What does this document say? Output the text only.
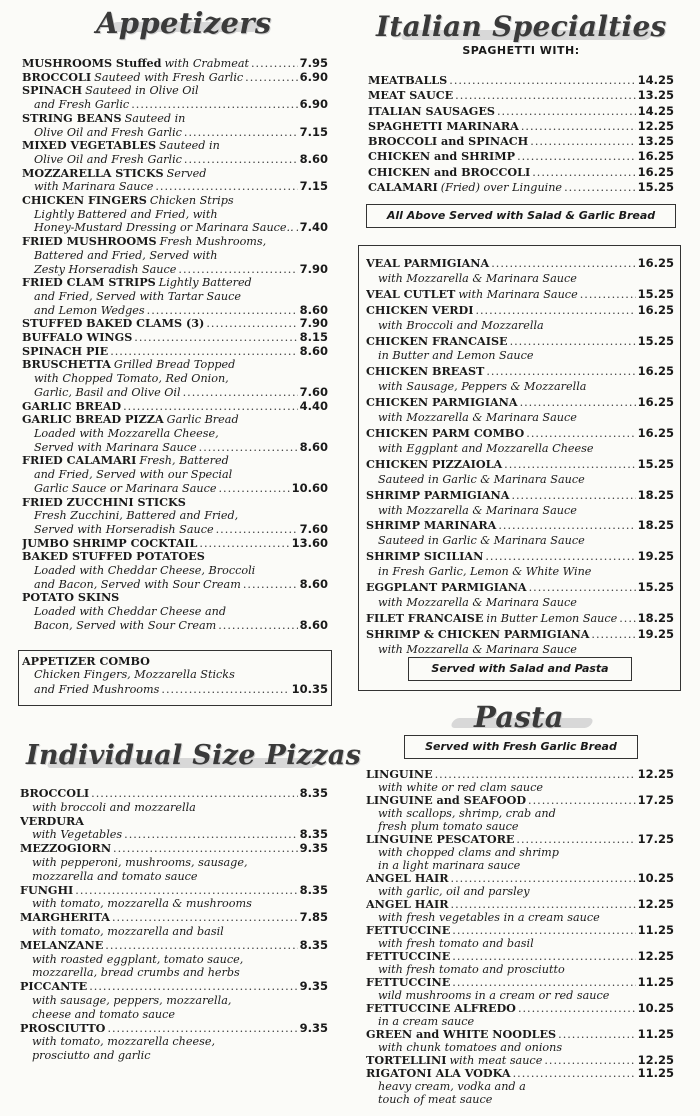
Appetizers
MUSHROOMS Stuffed with Crabmeat .....	7.95
BROCCOLI Sauteed with Fresh Garlic .....	6.90
SPINACH Sauteed in Olive Oil
and Fresh Garlic .....	6.90
STRING BEANS Sauteed in
Olive Oil and Fresh Garlic .....	7.15
MIXED VEGETABLES Sauteed in
Olive Oil and Fresh Garlic .....	8.60
MOZZARELLA STICKS Served
with Marinara Sauce .....	7.15
CHICKEN FINGERS Chicken Strips
Lightly Battered and Fried, with
Honey-Mustard Dressing or Marinara Sauce.. ..... 7.40
FRIED MUSHROOMS Fresh Mushrooms,
Battered and Fried, Served with
Zesty Horseradish Sauce .....	7.90
FRIED CLAM STRIPS Lightly Battered
and Fried, Served with Tartar Sauce
and Lemon Wedges .....	8.60
STUFFED BAKED CLAMS (3) .....	7.90
BUFFALO WINGS .....	8.15
SPINACH PIE .....	8.60
BRUSCHETTA Grilled Bread Topped
with Chopped Tomato, Red Onion,
Garlic, Basil and Olive Oil .....	7.60
GARLIC BREAD .....	4.40
GARLIC BREAD PIZZA Garlic Bread
Loaded with Mozzarella Cheese,
Served with Marinara Sauce .....	8.60
FRIED CALAMARI Fresh, Battered
and Fried, Served with our Special
Garlic Sauce or Marinara Sauce .....	10.60
FRIED ZUCCHINI STICKS
Fresh Zucchini, Battered and Fried,
Served with Horseradish Sauce .....	7.60
JUMBO SHRIMP COCKTAIL .....	13.60
BAKED STUFFED POTATOES
Loaded with Cheddar Cheese, Broccoli
and Bacon, Served with Sour Cream .....	8.60
POTATO SKINS
Loaded with Cheddar Cheese and
Bacon, Served with Sour Cream .....	8.60
APPETIZER COMBO
Chicken Fingers, Mozzarella Sticks
and Fried Mushrooms .....	10.35
Individual Size Pizzas
BROCCOLI .....	8.35
with broccoli and mozzarella
VERDURA
with Vegetables .....	8.35
MEZZOGIORN .....	9.35
with pepperoni, mushrooms, sausage,
mozzarella and tomato sauce
FUNGHI .....	8.35
with tomato, mozzarella & mushrooms
MARGHERITA .....	7.85
with tomato, mozzarella and basil
MELANZANE .....	8.35
with roasted eggplant, tomato sauce,
mozzarella, bread crumbs and herbs
PICCANTE .....	9.35
with sausage, peppers, mozzarella,
cheese and tomato sauce
PROSCIUTTO .....	9.35
with tomato, mozzarella cheese,
prosciutto and garlic
Italian Specialties
SPAGHETTI WITH:
MEATBALLS .....	14.25
MEAT SAUCE .....	13.25
ITALIAN SAUSAGES .....	14.25
SPAGHETTI MARINARA .....	12.25
BROCCOLI and SPINACH .....	13.25
CHICKEN and SHRIMP .....	16.25
CHICKEN and BROCCOLI .....	16.25
CALAMARI (Fried) over Linguine .....	15.25
All Above Served with Salad & Garlic Bread
VEAL PARMIGIANA .....	16.25
with Mozzarella & Marinara Sauce
VEAL CUTLET with Marinara Sauce .....	15.25
CHICKEN VERDI .....	16.25
with Broccoli and Mozzarella
CHICKEN FRANCAISE .....	15.25
in Butter and Lemon Sauce
CHICKEN BREAST .....	16.25
with Sausage, Peppers & Mozzarella
CHICKEN PARMIGIANA .....	16.25
with Mozzarella & Marinara Sauce
CHICKEN PARM COMBO .....	16.25
with Eggplant and Mozzarella Cheese
CHICKEN PIZZAIOLA .....	15.25
Sauteed in Garlic & Marinara Sauce
SHRIMP PARMIGIANA .....	18.25
with Mozzarella & Marinara Sauce
SHRIMP MARINARA .....	18.25
Sauteed in Garlic & Marinara Sauce
SHRIMP SICILIAN .....	19.25
in Fresh Garlic, Lemon & White Wine
EGGPLANT PARMIGIANA .....	15.25
with Mozzarella & Marinara Sauce
FILET FRANCAISE in Butter Lemon Sauce ..... 18.25
SHRIMP & CHICKEN PARMIGIANA .....	19.25
with Mozzarella & Marinara Sauce
Served with Salad and Pasta
Pasta
Served with Fresh Garlic Bread
LINGUINE .....	12.25
with white or red clam sauce
LINGUINE and SEAFOOD .....	17.25
with scallops, shrimp, crab and
fresh plum tomato sauce
LINGUINE PESCATORE .....	17.25
with chopped clams and shrimp
in a light marinara sauce
ANGEL HAIR .....	10.25
with garlic, oil and parsley
ANGEL HAIR .....	12.25
with fresh vegetables in a cream sauce
FETTUCCINE .....	11.25
with fresh tomato and basil
FETTUCCINE .....	12.25
with fresh tomato and prosciutto
FETTUCCINE .....	11.25
wild mushrooms in a cream or red sauce
FETTUCCINE ALFREDO .....	10.25
in a cream sauce
GREEN and WHITE NOODLES .....	11.25
with chunk tomatoes and onions
TORTELLINI with meat sauce .....	12.25
RIGATONI ALA VODKA .....	11.25
heavy cream, vodka and a
touch of meat sauce
